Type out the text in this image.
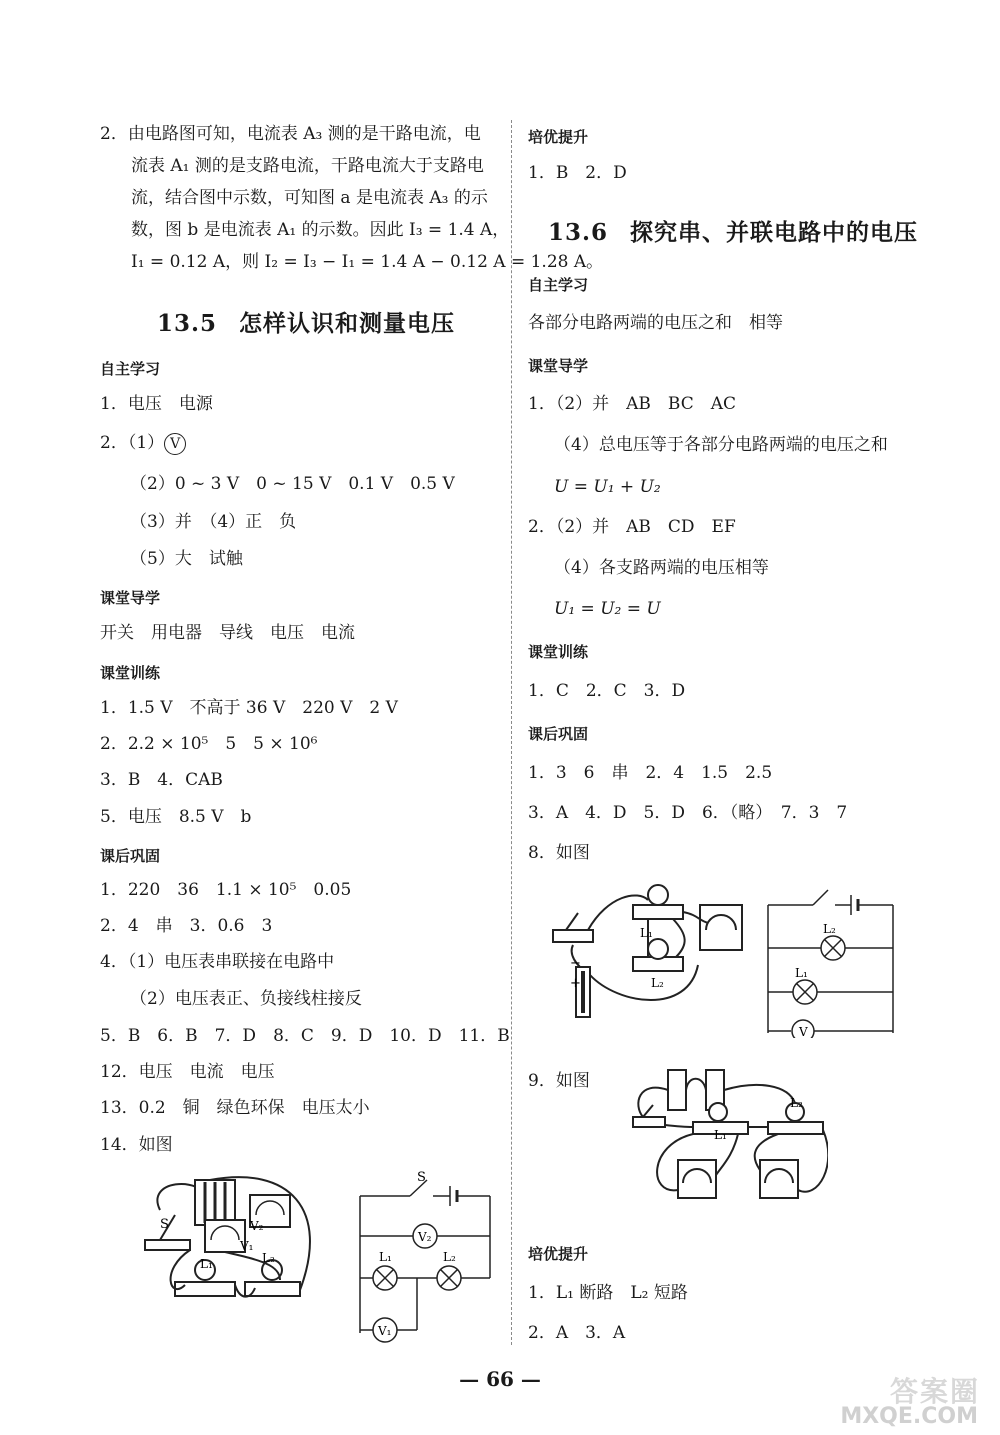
2．由电路图可知，电流表 A₃ 测的是干路电流，电
流表 A₁ 测的是支路电流，干路电流大于支路电
流，结合图中示数，可知图 a 是电流表 A₃ 的示
数，图 b 是电流表 A₁ 的示数。因此 I₃ = 1.4 A，
I₁ = 0.12 A，则 I₂ = I₃ − I₁ = 1.4 A − 0.12 A = 1.28 A。
13.5 怎样认识和测量电压
自主学习
1．电压　电源
2．（1） V
（2）0 ~ 3 V　0 ~ 15 V　0.1 V　0.5 V
（3）并　（4）正　负
（5）大　试触
课堂导学
开关　用电器　导线　电压　电流
课堂训练
1．1.5 V　不高于 36 V　220 V　2 V
2．2.2 × 10⁵　5　5 × 10⁶
3．B　4．CAB
5．电压　8.5 V　b
课后巩固
1．220　36　1.1 × 10⁵　0.05
2．4　串　3．0.6　3
4．（1）电压表串联接在电路中
（2）电压表正、负接线柱接反
5．B　6．B　7．D　8．C　9．D　10．D　11．B
12．电压　电流　电压
13．0.2　铜　绿色环保　电压太小
14．如图
S	V₂
V₁
L₁	L₂
S
V₂
L₁	L₂
V₁
培优提升
1．B　2．D
13.6 探究串、并联电路中的电压
自主学习
各部分电路两端的电压之和　相等
课堂导学
1．（2）并　AB　BC　AC
（4）总电压等于各部分电路两端的电压之和
U = U₁ + U₂
2．（2）并　AB　CD　EF
（4）各支路两端的电压相等
U₁ = U₂ = U
课堂训练
1．C　2．C　3．D
课后巩固
1．3　6　串　2．4　1.5　2.5
3．A　4．D　5．D　6．（略）　7．3　7
8．如图
−
+
L₁
L₂
L₂
L₁
V
9．如图
L₁
L₂
培优提升
1．L₁ 断路　L₂ 短路
2．A　3．A
— 66 —	答案圈
MXQE.COM
